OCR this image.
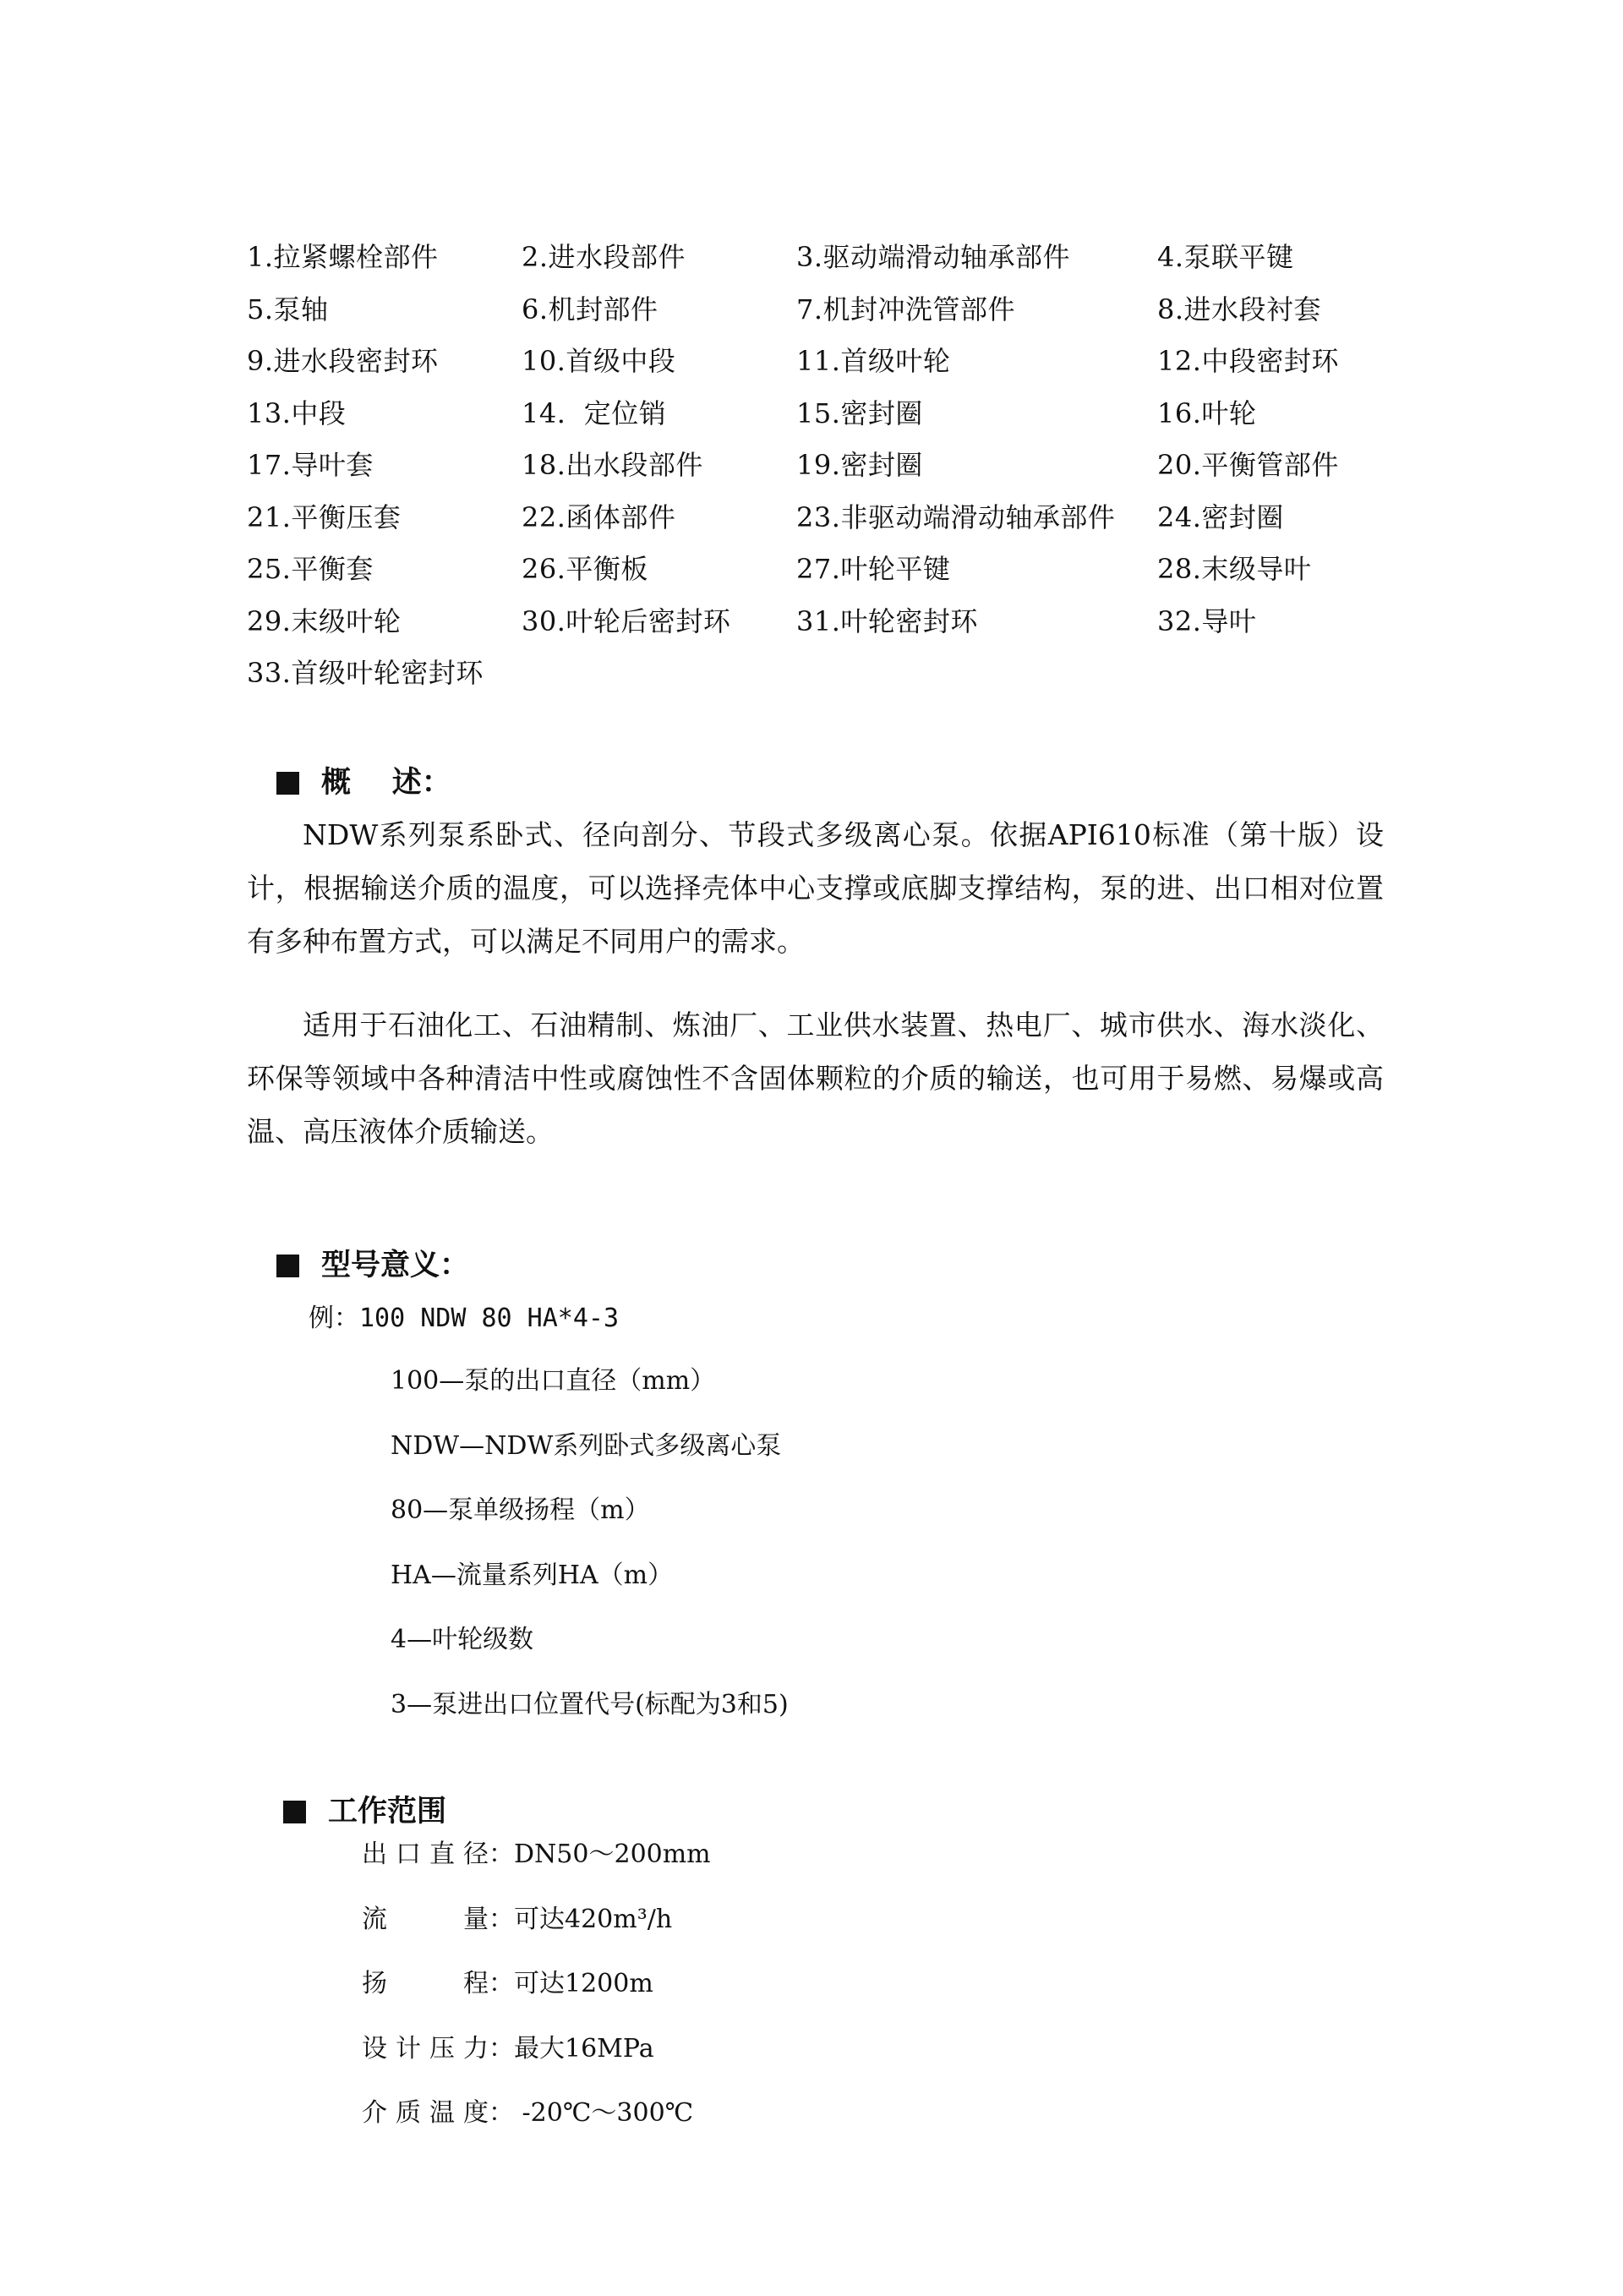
1.拉紧螺栓部件	2.进水段部件	3.驱动端滑动轴承部件	4.泵联平键
5.泵轴	6.机封部件	7.机封冲洗管部件	8.进水段衬套
9.进水段密封环	10.首级中段	11.首级叶轮	12.中段密封环
13.中段	14.  定位销	15.密封圈	16.叶轮
17.导叶套	18.出水段部件	19.密封圈	20.平衡管部件
21.平衡压套	22.函体部件	23.非驱动端滑动轴承部件 24.密封圈
25.平衡套	26.平衡板	27.叶轮平键	28.末级导叶
29.末级叶轮	30.叶轮后密封环 31.叶轮密封环	32.导叶
33.首级叶轮密封环
概    述：
NDW系列泵系卧式、径向剖分、节段式多级离心泵。依据API610标准（第十版）设计，根据输送介质的温度，可以选择壳体中心支撑或底脚支撑结构，泵的进、出口相对位置有多种布置方式，可以满足不同用户的需求。
适用于石油化工、石油精制、炼油厂、工业供水装置、热电厂、城市供水、海水淡化、环保等领域中各种清洁中性或腐蚀性不含固体颗粒的介质的输送，也可用于易燃、易爆或高温、高压液体介质输送。
型号意义：
例：100 NDW 80 HA*4-3
100—泵的出口直径（mm）
NDW—NDW系列卧式多级离心泵
80—泵单级扬程（m）
HA—流量系列HA（m）
4—叶轮级数
3—泵进出口位置代号(标配为3和5)
工作范围
出口直径 ： DN50～200mm
流量 ： 可达420m³/h
扬程 ： 可达1200m
设计压力 ： 最大16MPa
介质温度 ： -20℃～300℃
